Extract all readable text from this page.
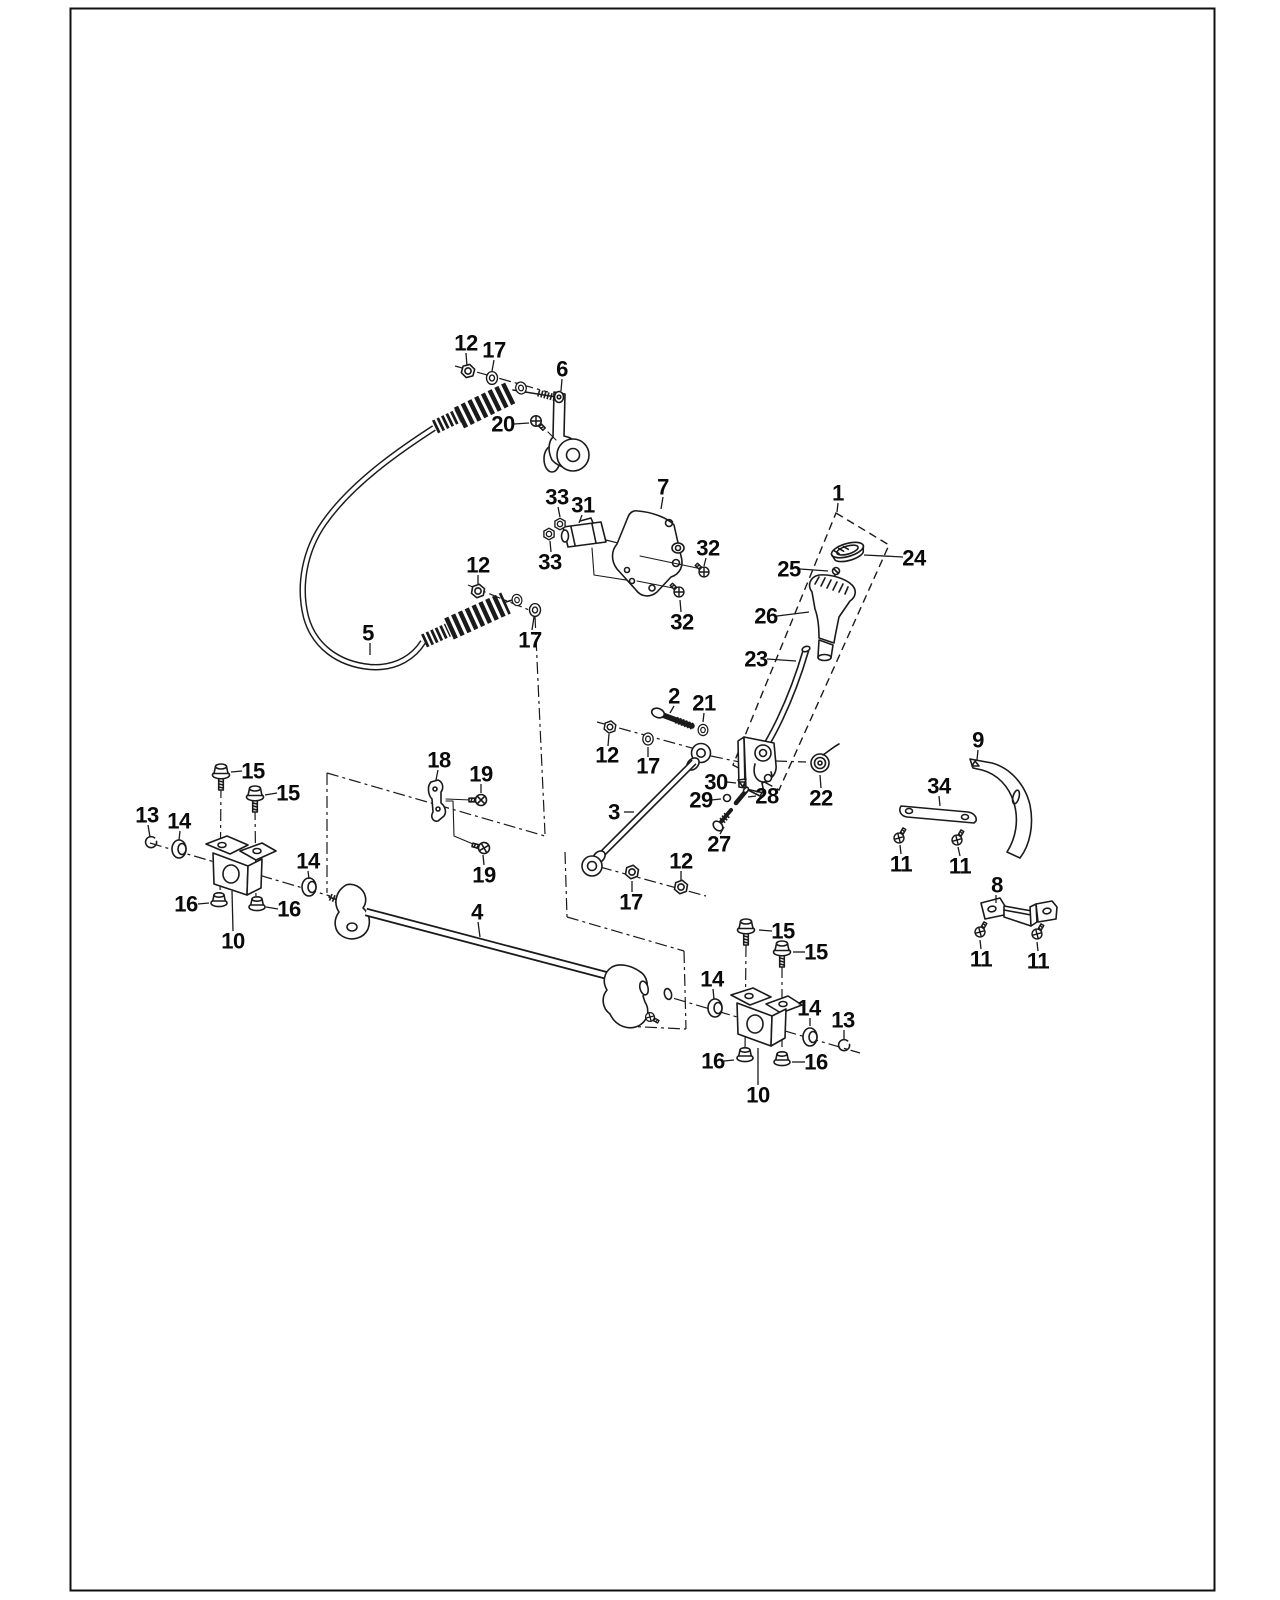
12 17
6
20
33 31
7
32
33
12
17
32
5
1
24
25
26
23
2 21
12 17
9
34
30
28
29	22
3
27
18
19
19
15
15
13 14
14
16	16
10
4
12
17
11 11
8
11 11
15
15
14
14 13
16	16
10
